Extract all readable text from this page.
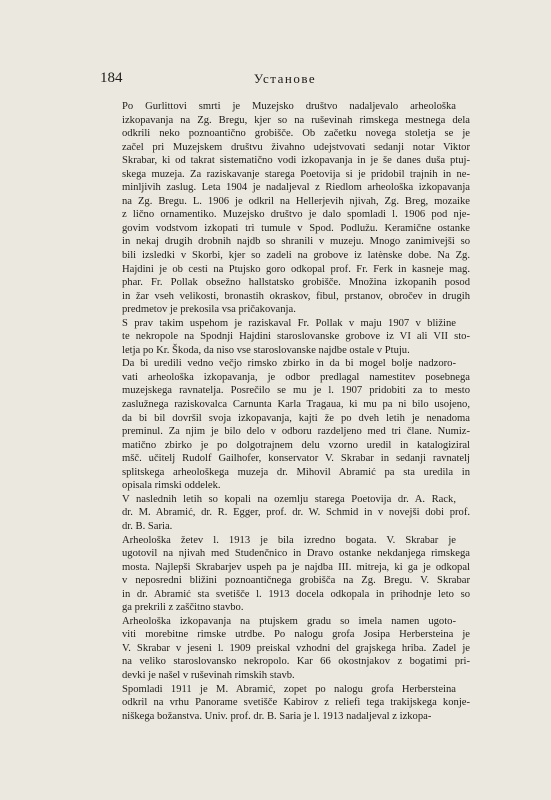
184	Установе

Po Gurlittovi smrti je Muzejsko društvo nadaljevalo arheološka
izkopavanja na Zg. Bregu, kjer so na ruševinah rimskega mestnega dela
odkrili neko poznoantično grobišče. Ob začetku novega stoletja se je
začel pri Muzejskem društvu živahno udejstvovati sedanji notar Viktor
Skrabar, ki od takrat sistematično vodi izkopavanja in je še danes duša ptuj-
skega muzeja. Za raziskavanje starega Poetovija si je pridobil trajnih in ne-
minljivih zaslug. Leta 1904 je nadaljeval z Riedlom arheološka izkopavanja
na Zg. Bregu. L. 1906 je odkril na Hellerjevih njivah, Zg. Breg, mozaike
z lično ornamentiko. Muzejsko društvo je dalo spomladi l. 1906 pod nje-
govim vodstvom izkopati tri tumule v Spod. Podlužu. Keramične ostanke
in nekaj drugih drobnih najdb so shranili v muzeju. Mnogo zanimivejši so
bili izsledki v Skorbi, kjer so zadeli na grobove iz latènske dobe. Na Zg.
Hajdini je ob cesti na Ptujsko goro odkopal prof. Fr. Ferk in kasneje mag.
phar. Fr. Pollak obsežno hallstatsko grobišče. Množina izkopanih posod
in žar vseh velikosti, bronastih okraskov, fibul, prstanov, obročev in drugih
predmetov je prekosila vsa pričakovanja.

S prav takim uspehom je raziskaval Fr. Pollak v maju 1907 v bližine
te nekropole na Spodnji Hajdini staroslovanske grobove iz VI ali VII sto-
letja po Kr. Škoda, da niso vse staroslovanske najdbe ostale v Ptuju.

Da bi uredili vedno večjo rimsko zbirko in da bi mogel bolje nadzoro-
vati arheološka izkopavanja, je odbor predlagal namestitev posebnega
muzejskega ravnatelja. Posrečilo se mu je l. 1907 pridobiti za to mesto
zaslužnega raziskovalca Carnunta Karla Tragaua, ki mu pa ni bilo usojeno,
da bi bil dovršil svoja izkopavanja, kajti že po dveh letih je nenadoma
preminul. Za njim je bilo delo v odboru razdeljeno med tri člane. Numiz-
matično zbirko je po dolgotrajnem delu vzorno uredil in katalogiziral
mšč. učitelj Rudolf Gailhofer, konservator V. Skrabar in sedanji ravnatelj
splitskega arheološkega muzeja dr. Mihovil Abramić pa sta uredila in
opisala rimski oddelek.

V naslednih letih so kopali na ozemlju starega Poetovija dr. A. Rack,
dr. M. Abramić, dr. R. Egger, prof. dr. W. Schmid in v novejši dobi prof.
dr. B. Saria.

Arheološka žetev l. 1913 je bila izredno bogata. V. Skrabar je
ugotovil na njivah med Studenčnico in Dravo ostanke nekdanjega rimskega
mosta. Najlepši Skrabarjev uspeh pa je najdba III. mitreja, ki ga je odkopal
v neposredni bližini poznoantičnega grobišča na Zg. Bregu. V. Skrabar
in dr. Abramić sta svetišče l. 1913 docela odkopala in prihodnje leto so
ga prekrili z zaščitno stavbo.

Arheološka izkopavanja na ptujskem gradu so imela namen ugoto-
viti morebitne rimske utrdbe. Po nalogu grofa Josipa Herbersteina je
V. Skrabar v jeseni l. 1909 preiskal vzhodni del grajskega hriba. Zadel je
na veliko staroslovansko nekropolo. Kar 66 okostnjakov z bogatimi pri-
devki je našel v ruševinah rimskih stavb.

Spomladi 1911 je M. Abramić, zopet po nalogu grofa Herbersteina
odkril na vrhu Panorame svetišče Kabirov z reliefi tega trakijskega konje-
niškega božanstva. Univ. prof. dr. B. Saria je l. 1913 nadaljeval z izkopa-
